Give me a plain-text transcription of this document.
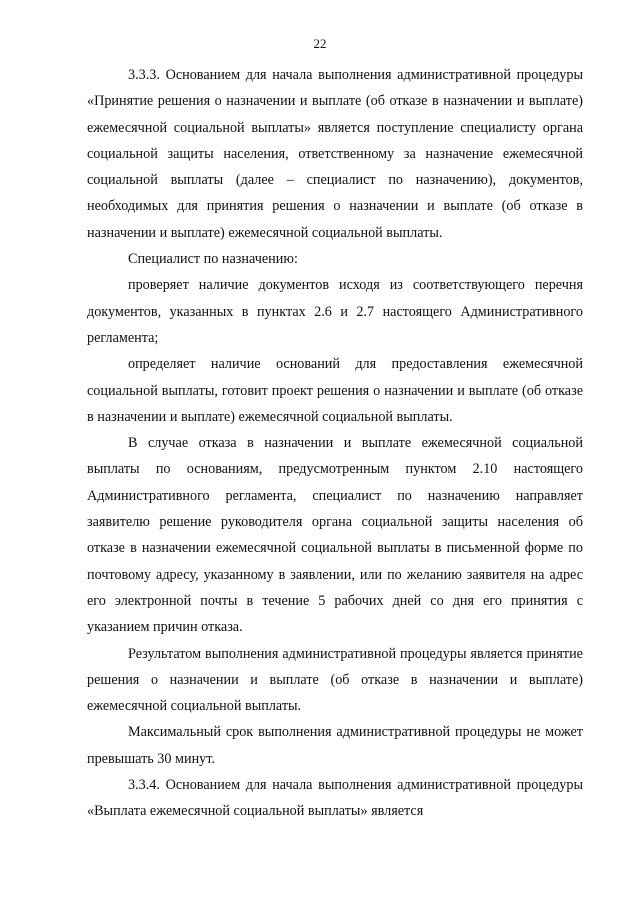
22

3.3.3. Основанием для начала выполнения административной процедуры «Принятие решения о назначении и выплате (об отказе в назначении и выплате) ежемесячной социальной выплаты» является поступление специалисту органа социальной защиты населения, ответственному за назначение ежемесячной социальной выплаты (далее – специалист по назначению), документов, необходимых для принятия решения о назначении и выплате (об отказе в назначении и выплате) ежемесячной социальной выплаты.

Специалист по назначению:

проверяет наличие документов исходя из соответствующего перечня документов, указанных в пунктах 2.6 и 2.7 настоящего Административного регламента;

определяет наличие оснований для предоставления ежемесячной социальной выплаты, готовит проект решения о назначении и выплате (об отказе в назначении и выплате) ежемесячной социальной выплаты.

В случае отказа в назначении и выплате ежемесячной социальной выплаты по основаниям, предусмотренным пунктом 2.10 настоящего Административного регламента, специалист по назначению направляет заявителю решение руководителя органа социальной защиты населения об отказе в назначении ежемесячной социальной выплаты в письменной форме по почтовому адресу, указанному в заявлении, или по желанию заявителя на адрес его электронной почты в течение 5 рабочих дней со дня его принятия с указанием причин отказа.

Результатом выполнения административной процедуры является принятие решения о назначении и выплате (об отказе в назначении и выплате) ежемесячной социальной выплаты.

Максимальный срок выполнения административной процедуры не может превышать 30 минут.

3.3.4. Основанием для начала выполнения административной процедуры «Выплата ежемесячной социальной выплаты» является
